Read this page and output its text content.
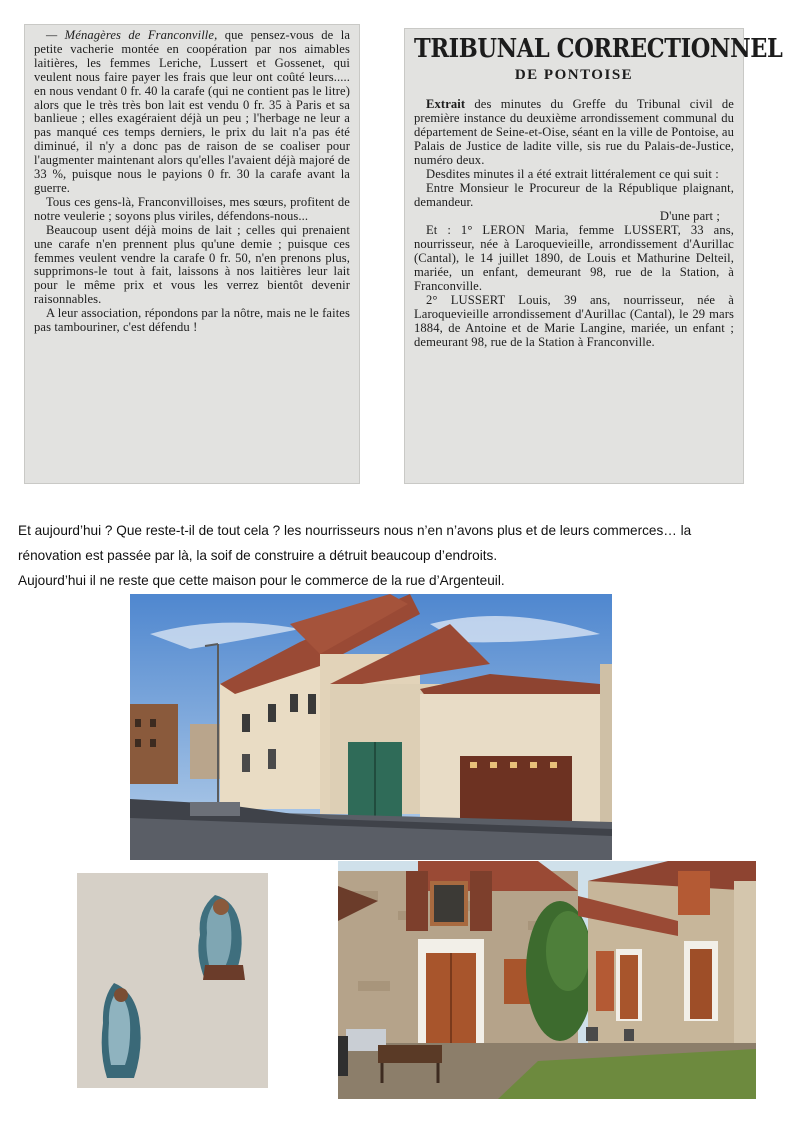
— Ménagères de Franconville, que pensez-vous de la petite vacherie montée en coopération par nos aimables laitières, les femmes Leriche, Lussert et Gossenet, qui veulent nous faire payer les frais que leur ont coûté leurs..... en nous vendant 0 fr. 40 la carafe (qui ne contient pas le litre) alors que le très très bon lait est vendu 0 fr. 35 à Paris et sa banlieue ; elles exagéraient déjà un peu ; l'herbage ne leur a pas manqué ces temps derniers, le prix du lait n'a pas été diminué, il n'y a donc pas de raison de se coaliser pour l'augmenter maintenant alors qu'elles l'avaient déjà majoré de 33 %, puisque nous le payions 0 fr. 30 la carafe avant la guerre.

Tous ces gens-là, Franconvilloises, mes sœurs, profitent de notre veulerie ; soyons plus viriles, défendons-nous...

Beaucoup usent déjà moins de lait ; celles qui prenaient une carafe n'en prennent plus qu'une demie ; puisque ces femmes veulent vendre la carafe 0 fr. 50, n'en prenons plus, supprimons-le tout à fait, laissons à nos laitières leur lait pour le même prix et vous les verrez bientôt devenir raisonnables.

A leur association, répondons par la nôtre, mais ne le faites pas tambouriner, c'est défendu !

TRIBUNAL CORRECTIONNEL
DE PONTOISE

Extrait des minutes du Greffe du Tribunal civil de première instance du deuxième arrondissement communal du département de Seine-et-Oise, séant en la ville de Pontoise, au Palais de Justice de ladite ville, sis rue du Palais-de-Justice, numéro deux.

Desdites minutes il a été extrait littéralement ce qui suit :

Entre Monsieur le Procureur de la République plaignant, demandeur.

D'une part ;

Et : 1° LERON Maria, femme LUSSERT, 33 ans, nourrisseur, née à Laroquevieille, arrondissement d'Aurillac (Cantal), le 14 juillet 1890, de Louis et Mathurine Delteil, mariée, un enfant, demeurant 98, rue de la Station, à Franconville.

2° LUSSERT Louis, 39 ans, nourrisseur, née à Laroquevieille arrondissement d'Aurillac (Cantal), le 29 mars 1884, de Antoine et de Marie Langine, mariée, un enfant ; demeurant 98, rue de la Station à Franconville.

Et aujourd’hui ? Que reste-t-il de tout cela ? les nourrisseurs nous n’en n’avons plus et de leurs commerces… la

rénovation est passée par là, la soif de construire a détruit beaucoup d’endroits.

Aujourd’hui il ne reste que cette maison pour le commerce de la rue d’Argenteuil.
